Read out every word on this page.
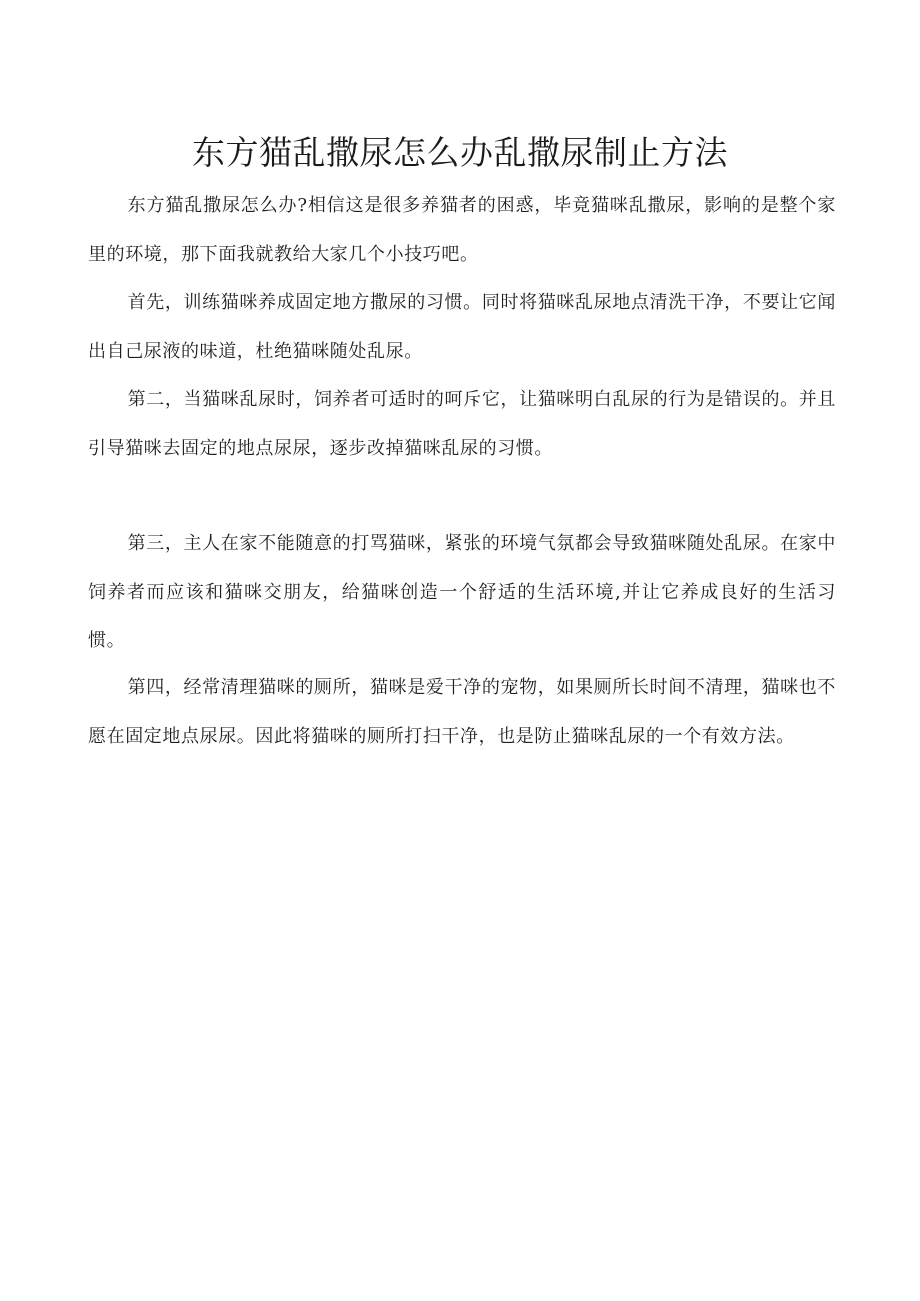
东方猫乱撒尿怎么办乱撒尿制止方法

东方猫乱撒尿怎么办?相信这是很多养猫者的困惑，毕竟猫咪乱撒尿，影响的是整个家里的环境，那下面我就教给大家几个小技巧吧。

首先，训练猫咪养成固定地方撒尿的习惯。同时将猫咪乱尿地点清洗干净，不要让它闻出自己尿液的味道，杜绝猫咪随处乱尿。

第二，当猫咪乱尿时，饲养者可适时的呵斥它，让猫咪明白乱尿的行为是错误的。并且引导猫咪去固定的地点尿尿，逐步改掉猫咪乱尿的习惯。

第三，主人在家不能随意的打骂猫咪，紧张的环境气氛都会导致猫咪随处乱尿。在家中饲养者而应该和猫咪交朋友，给猫咪创造一个舒适的生活环境,并让它养成良好的生活习惯。

第四，经常清理猫咪的厕所，猫咪是爱干净的宠物，如果厕所长时间不清理，猫咪也不愿在固定地点尿尿。因此将猫咪的厕所打扫干净，也是防止猫咪乱尿的一个有效方法。
